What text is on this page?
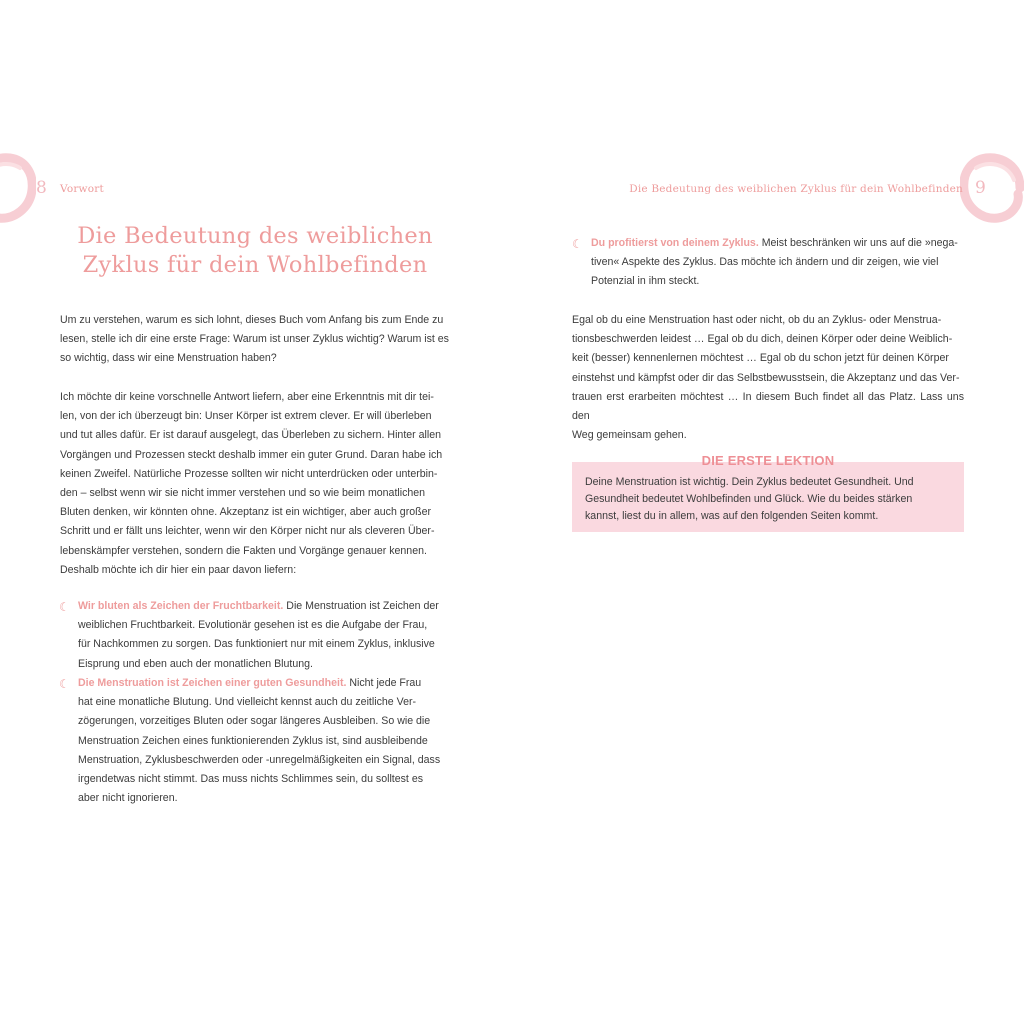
8 Vorwort
Die Bedeutung des weiblichen
Zyklus für dein Wohlbefinden

Um zu verstehen, warum es sich lohnt, dieses Buch vom Anfang bis zum Ende zu
lesen, stelle ich dir eine erste Frage: Warum ist unser Zyklus wichtig? Warum ist es
so wichtig, dass wir eine Menstruation haben?

Ich möchte dir keine vorschnelle Antwort liefern, aber eine Erkenntnis mit dir tei-
len, von der ich überzeugt bin: Unser Körper ist extrem clever. Er will überleben
und tut alles dafür. Er ist darauf ausgelegt, das Überleben zu sichern. Hinter allen
Vorgängen und Prozessen steckt deshalb immer ein guter Grund. Daran habe ich
keinen Zweifel. Natürliche Prozesse sollten wir nicht unterdrücken oder unterbin-
den – selbst wenn wir sie nicht immer verstehen und so wie beim monatlichen
Bluten denken, wir könnten ohne. Akzeptanz ist ein wichtiger, aber auch großer
Schritt und er fällt uns leichter, wenn wir den Körper nicht nur als cleveren Über-
lebenskämpfer verstehen, sondern die Fakten und Vorgänge genauer kennen.
Deshalb möchte ich dir hier ein paar davon liefern:

☾ Wir bluten als Zeichen der Fruchtbarkeit. Die Menstruation ist Zeichen der
weiblichen Fruchtbarkeit. Evolutionär gesehen ist es die Aufgabe der Frau,
für Nachkommen zu sorgen. Das funktioniert nur mit einem Zyklus, inklusive
Eisprung und eben auch der monatlichen Blutung.

☾ Die Menstruation ist Zeichen einer guten Gesundheit. Nicht jede Frau
hat eine monatliche Blutung. Und vielleicht kennst auch du zeitliche Ver-
zögerungen, vorzeitiges Bluten oder sogar längeres Ausbleiben. So wie die
Menstruation Zeichen eines funktionierenden Zyklus ist, sind ausbleibende
Menstruation, Zyklusbeschwerden oder -unregelmäßigkeiten ein Signal, dass
irgendetwas nicht stimmt. Das muss nichts Schlimmes sein, du solltest es
aber nicht ignorieren.

9
Die Bedeutung des weiblichen Zyklus für dein Wohlbefinden

☾ Du profitierst von deinem Zyklus. Meist beschränken wir uns auf die »nega-
tiven« Aspekte des Zyklus. Das möchte ich ändern und dir zeigen, wie viel
Potenzial in ihm steckt.

Egal ob du eine Menstruation hast oder nicht, ob du an Zyklus- oder Menstrua-
tionsbeschwerden leidest … Egal ob du dich, deinen Körper oder deine Weiblich-
keit (besser) kennenlernen möchtest … Egal ob du schon jetzt für deinen Körper
einstehst und kämpfst oder dir das Selbstbewusstsein, die Akzeptanz und das Ver-
trauen erst erarbeiten möchtest … In diesem Buch findet all das Platz. Lass uns den
Weg gemeinsam gehen.

DIE ERSTE LEKTION

Deine Menstruation ist wichtig. Dein Zyklus bedeutet Gesundheit. Und
Gesundheit bedeutet Wohlbefinden und Glück. Wie du beides stärken
kannst, liest du in allem, was auf den folgenden Seiten kommt.
